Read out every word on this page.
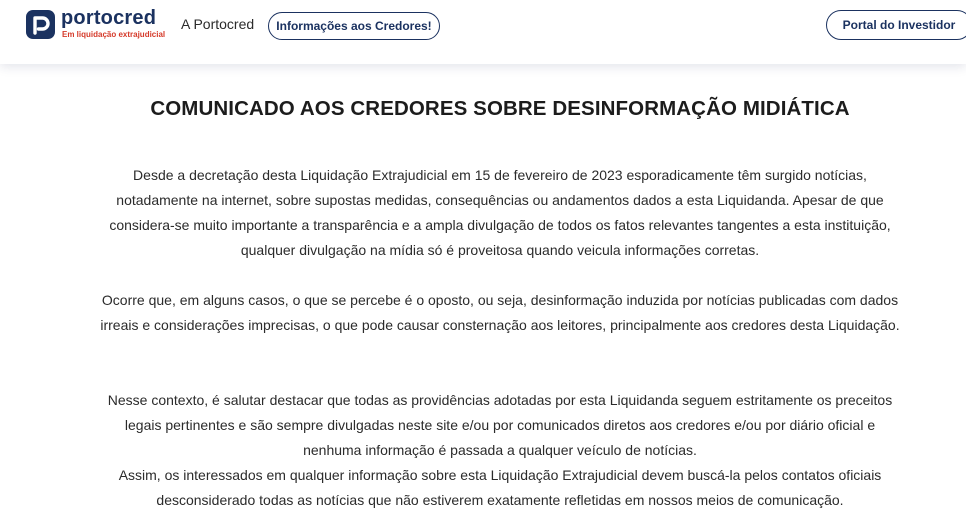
portocred
Em liquidação extrajudicial
A Portocred	Informações aos Credores!	Portal do Investidor
COMUNICADO AOS CREDORES SOBRE DESINFORMAÇÃO MIDIÁTICA

Desde a decretação desta Liquidação Extrajudicial em 15 de fevereiro de 2023 esporadicamente têm surgido notícias, notadamente na internet, sobre supostas medidas, consequências ou andamentos dados a esta Liquidanda. Apesar de que considera-se muito importante a transparência e a ampla divulgação de todos os fatos relevantes tangentes a esta instituição, qualquer divulgação na mídia só é proveitosa quando veicula informações corretas.

Ocorre que, em alguns casos, o que se percebe é o oposto, ou seja, desinformação induzida por notícias publicadas com dados irreais e considerações imprecisas, o que pode causar consternação aos leitores, principalmente aos credores desta Liquidação.

Nesse contexto, é salutar destacar que todas as providências adotadas por esta Liquidanda seguem estritamente os preceitos legais pertinentes e são sempre divulgadas neste site e/ou por comunicados diretos aos credores e/ou por diário oficial e nenhuma informação é passada a qualquer veículo de notícias.

Assim, os interessados em qualquer informação sobre esta Liquidação Extrajudicial devem buscá-la pelos contatos oficiais desconsiderado todas as notícias que não estiverem exatamente refletidas em nossos meios de comunicação.
